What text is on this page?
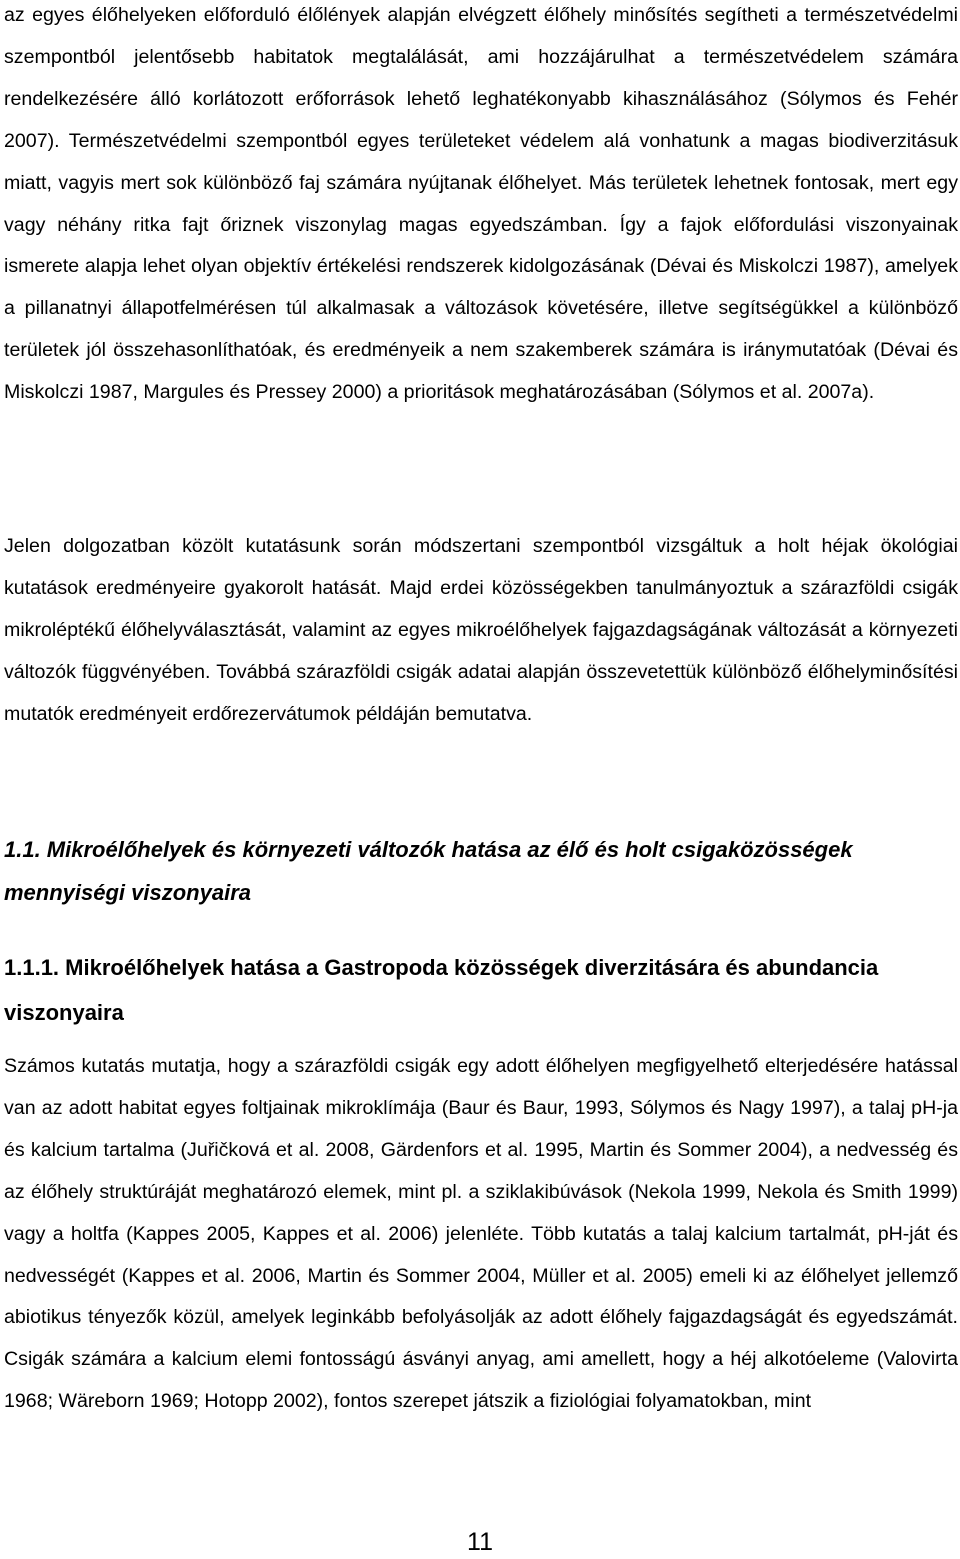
az egyes élőhelyeken előforduló élőlények alapján elvégzett élőhely minősítés segítheti a természetvédelmi szempontból jelentősebb habitatok megtalálását, ami hozzájárulhat a természetvédelem számára rendelkezésére álló korlátozott erőforrások lehető leghatékonyabb kihasználásához (Sólymos és Fehér 2007). Természetvédelmi szempontból egyes területeket védelem alá vonhatunk a magas biodiverzitásuk miatt, vagyis mert sok különböző faj számára nyújtanak élőhelyet. Más területek lehetnek fontosak, mert egy vagy néhány ritka fajt őriznek viszonylag magas egyedszámban. Így a fajok előfordulási viszonyainak ismerete alapja lehet olyan objektív értékelési rendszerek kidolgozásának (Dévai és Miskolczi 1987), amelyek a pillanatnyi állapotfelmérésen túl alkalmasak a változások követésére, illetve segítségükkel a különböző területek jól összehasonlíthatóak, és eredményeik a nem szakemberek számára is iránymutatóak (Dévai és Miskolczi 1987, Margules és Pressey 2000) a prioritások meghatározásában (Sólymos et al. 2007a).

Jelen dolgozatban közölt kutatásunk során módszertani szempontból vizsgáltuk a holt héjak ökológiai kutatások eredményeire gyakorolt hatását. Majd erdei közösségekben tanulmányoztuk a szárazföldi csigák mikroléptékű élőhelyválasztását, valamint az egyes mikroélőhelyek fajgazdagságának változását a környezeti változók függvényében. Továbbá szárazföldi csigák adatai alapján összevetettük különböző élőhelyminősítési mutatók eredményeit erdőrezervátumok példáján bemutatva.

1.1. Mikroélőhelyek és környezeti változók hatása az élő és holt csigaközösségek mennyiségi viszonyaira
1.1.1. Mikroélőhelyek hatása a Gastropoda közösségek diverzitására és abundancia viszonyaira

Számos kutatás mutatja, hogy a szárazföldi csigák egy adott élőhelyen megfigyelhető elterjedésére hatással van az adott habitat egyes foltjainak mikroklímája (Baur és Baur, 1993, Sólymos és Nagy 1997), a talaj pH-ja és kalcium tartalma (Juřičková et al. 2008, Gärdenfors et al. 1995, Martin és Sommer 2004), a nedvesség és az élőhely struktúráját meghatározó elemek, mint pl. a sziklakibúvások (Nekola 1999, Nekola és Smith 1999) vagy a holtfa (Kappes 2005, Kappes et al. 2006) jelenléte. Több kutatás a talaj kalcium tartalmát, pH-ját és nedvességét (Kappes et al. 2006, Martin és Sommer 2004, Müller et al. 2005) emeli ki az élőhelyet jellemző abiotikus tényezők közül, amelyek leginkább befolyásolják az adott élőhely fajgazdagságát és egyedszámát. Csigák számára a kalcium elemi fontosságú ásványi anyag, ami amellett, hogy a héj alkotóeleme (Valovirta 1968; Wäreborn 1969; Hotopp 2002), fontos szerepet játszik a fiziológiai folyamatokban, mint

11
